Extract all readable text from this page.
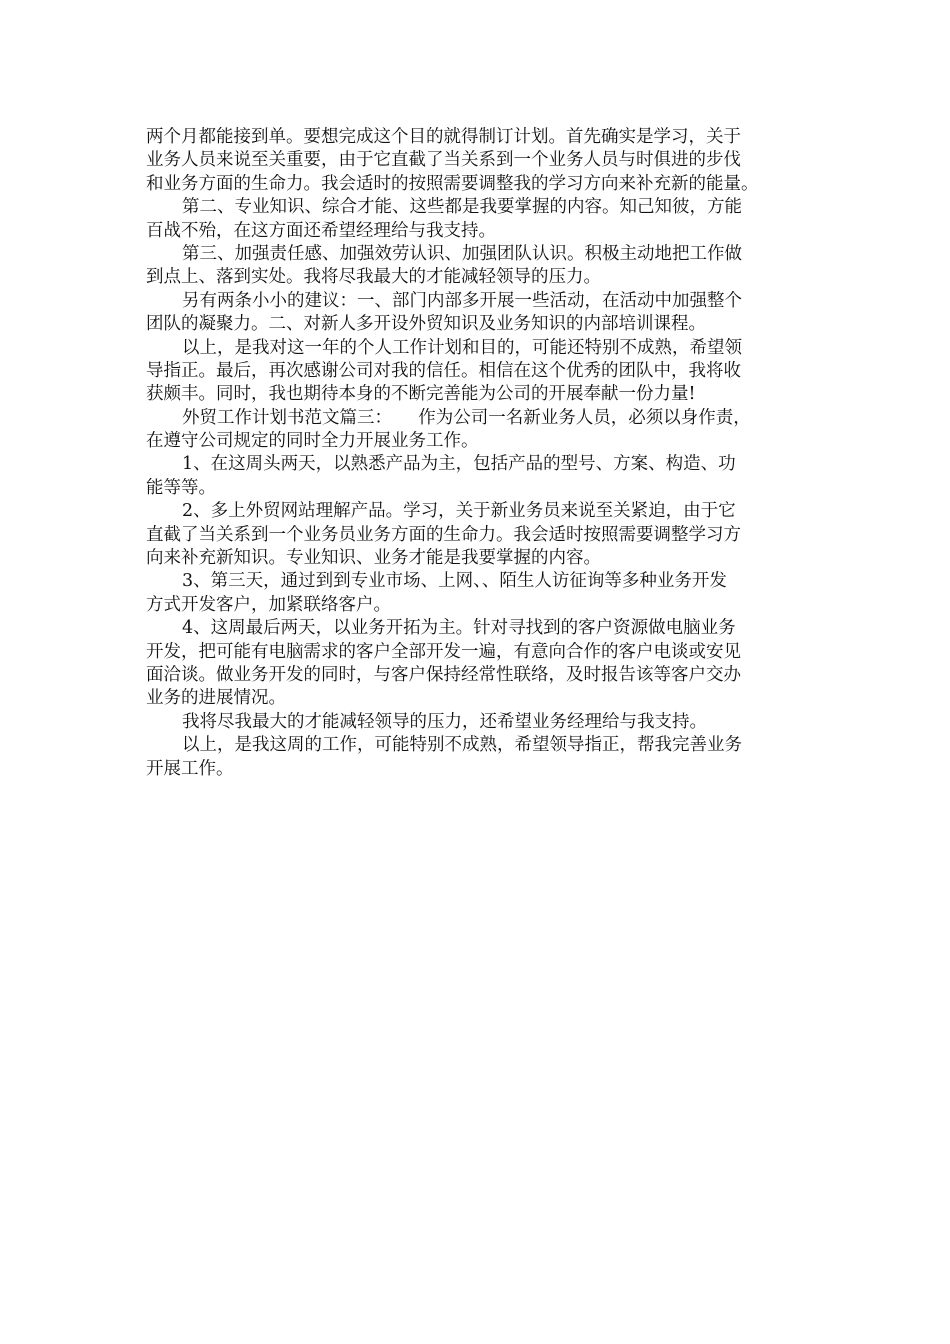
两个月都能接到单。要想完成这个目的就得制订计划。首先确实是学习，关于
业务人员来说至关重要，由于它直截了当关系到一个业务人员与时俱进的步伐
和业务方面的生命力。我会适时的按照需要调整我的学习方向来补充新的能量。
第二、专业知识、综合才能、这些都是我要掌握的内容。知己知彼，方能
百战不殆，在这方面还希望经理给与我支持。
第三、加强责任感、加强效劳认识、加强团队认识。积极主动地把工作做
到点上、落到实处。我将尽我最大的才能减轻领导的压力。
另有两条小小的建议：一、部门内部多开展一些活动，在活动中加强整个
团队的凝聚力。二、对新人多开设外贸知识及业务知识的内部培训课程。
以上，是我对这一年的个人工作计划和目的，可能还特别不成熟，希望领
导指正。最后，再次感谢公司对我的信任。相信在这个优秀的团队中，我将收
获颇丰。同时，我也期待本身的不断完善能为公司的开展奉献一份力量!
外贸工作计划书范文篇三：　　作为公司一名新业务人员，必须以身作责，
在遵守公司规定的同时全力开展业务工作。
1、在这周头两天，以熟悉产品为主，包括产品的型号、方案、构造、功
能等等。
2、多上外贸网站理解产品。学习，关于新业务员来说至关紧迫，由于它
直截了当关系到一个业务员业务方面的生命力。我会适时按照需要调整学习方
向来补充新知识。专业知识、业务才能是我要掌握的内容。
3、第三天，通过到到专业市场、上网、、陌生人访征询等多种业务开发
方式开发客户，加紧联络客户。
4、这周最后两天，以业务开拓为主。针对寻找到的客户资源做电脑业务
开发，把可能有电脑需求的客户全部开发一遍，有意向合作的客户电谈或安见
面洽谈。做业务开发的同时，与客户保持经常性联络，及时报告该等客户交办
业务的进展情况。
我将尽我最大的才能减轻领导的压力，还希望业务经理给与我支持。
以上，是我这周的工作，可能特别不成熟，希望领导指正，帮我完善业务
开展工作。
